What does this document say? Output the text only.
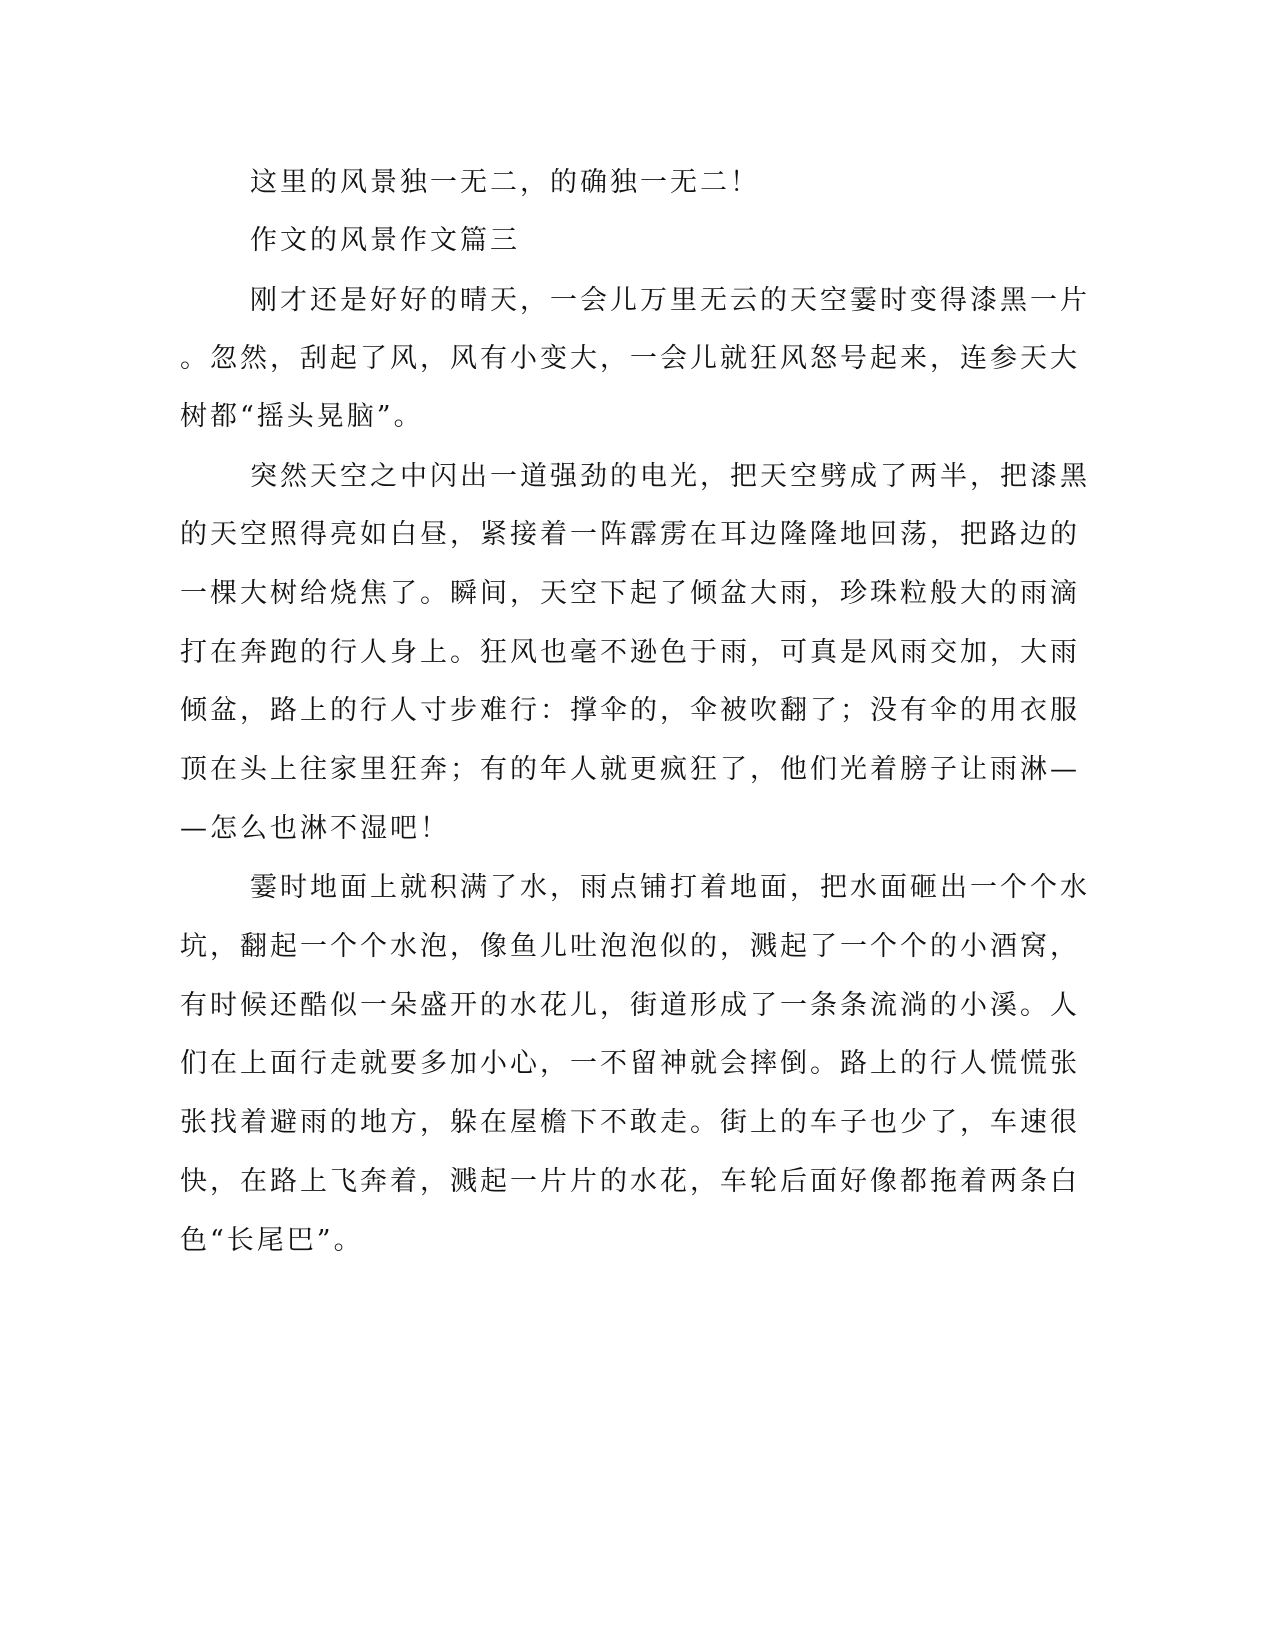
这里的风景独一无二，的确独一无二！
作文的风景作文篇三
刚才还是好好的晴天，一会儿万里无云的天空霎时变得漆黑一片
。忽然，刮起了风，风有小变大，一会儿就狂风怒号起来，连参天大
树都“摇头晃脑”。
突然天空之中闪出一道强劲的电光，把天空劈成了两半，把漆黑
的天空照得亮如白昼，紧接着一阵霹雳在耳边隆隆地回荡，把路边的
一棵大树给烧焦了。瞬间，天空下起了倾盆大雨，珍珠粒般大的雨滴
打在奔跑的行人身上。狂风也毫不逊色于雨，可真是风雨交加，大雨
倾盆，路上的行人寸步难行：撑伞的，伞被吹翻了；没有伞的用衣服
顶在头上往家里狂奔；有的年人就更疯狂了，他们光着膀子让雨淋—
—怎么也淋不湿吧！
霎时地面上就积满了水，雨点铺打着地面，把水面砸出一个个水
坑，翻起一个个水泡，像鱼儿吐泡泡似的，溅起了一个个的小酒窝，
有时候还酷似一朵盛开的水花儿，街道形成了一条条流淌的小溪。人
们在上面行走就要多加小心，一不留神就会摔倒。路上的行人慌慌张
张找着避雨的地方，躲在屋檐下不敢走。街上的车子也少了，车速很
快，在路上飞奔着，溅起一片片的水花，车轮后面好像都拖着两条白
色“长尾巴”。
